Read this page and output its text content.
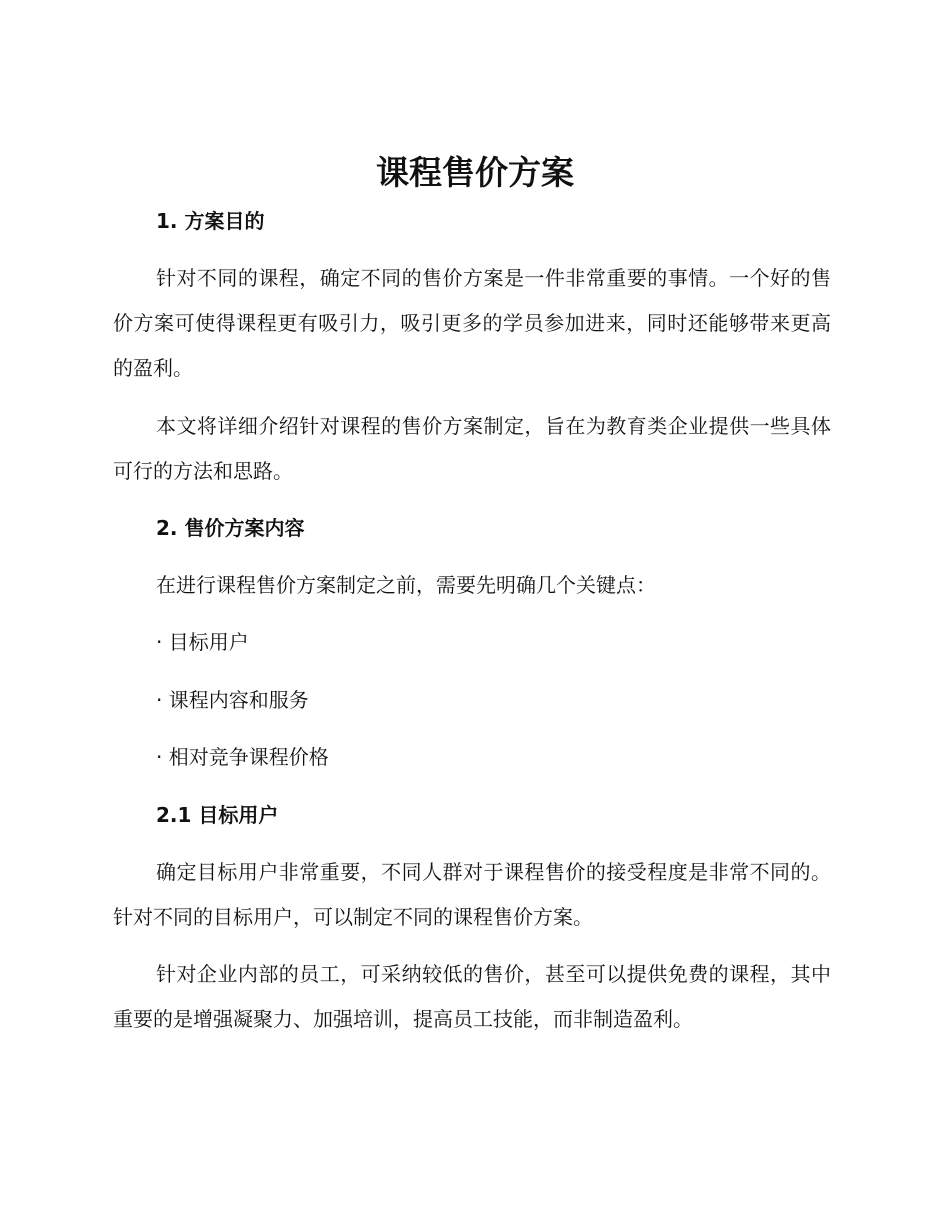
课程售价方案
1. 方案目的

针对不同的课程，确定不同的售价方案是一件非常重要的事情。一个好的售价方案可使得课程更有吸引力，吸引更多的学员参加进来，同时还能够带来更高的盈利。

本文将详细介绍针对课程的售价方案制定，旨在为教育类企业提供一些具体可行的方法和思路。

2. 售价方案内容

在进行课程售价方案制定之前，需要先明确几个关键点：

· 目标用户

· 课程内容和服务

· 相对竞争课程价格

2.1 目标用户

确定目标用户非常重要，不同人群对于课程售价的接受程度是非常不同的。针对不同的目标用户，可以制定不同的课程售价方案。

针对企业内部的员工，可采纳较低的售价，甚至可以提供免费的课程，其中重要的是增强凝聚力、加强培训，提高员工技能，而非制造盈利。
